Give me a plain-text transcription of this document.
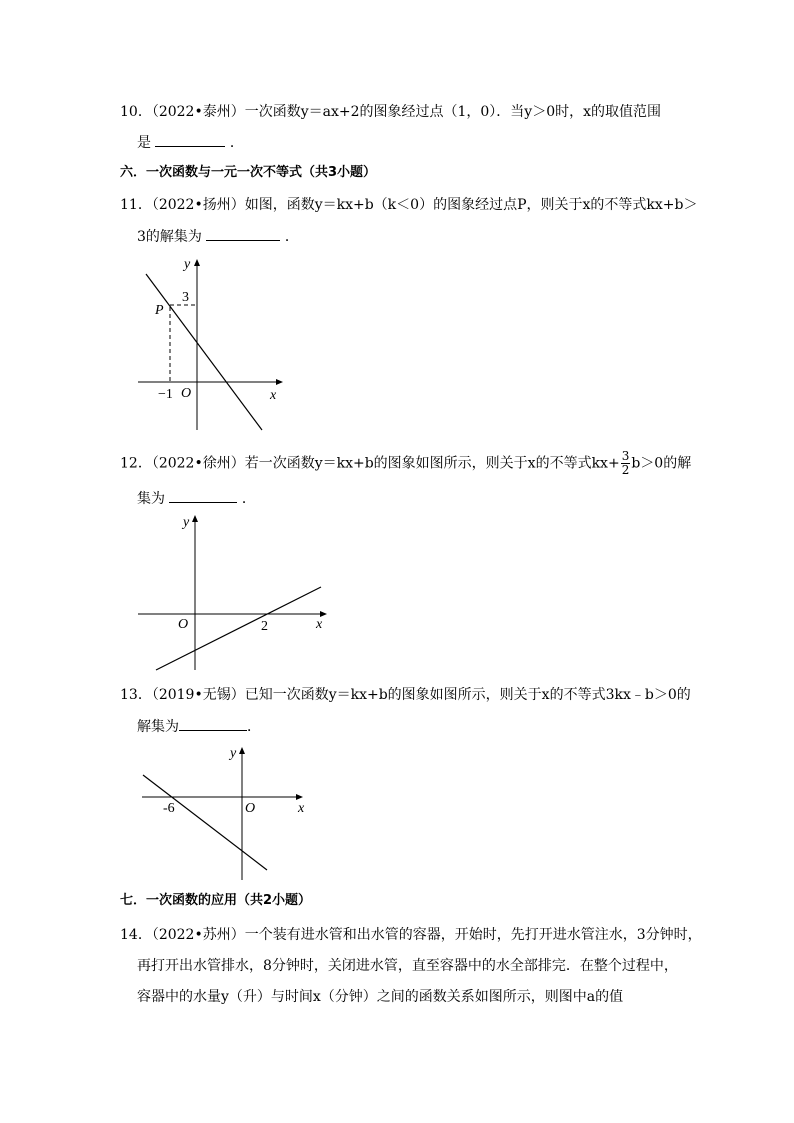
10．（2022•泰州）一次函数y＝ax+2的图象经过点（1，0）．当y＞0时，x的取值范围
是	．
六．一次函数与一元一次不等式（共3小题）
11．（2022•扬州）如图，函数y＝kx+b（k＜0）的图象经过点P，则关于x的不等式kx+b＞
3的解集为	．
y
x
O
P
3
−1
12．（2022•徐州）若一次函数y＝kx+b的图象如图所示，则关于x的不等式$kx+ \frac{3}{2} b>0$的解
集为	．
y
x
O	2
13．（2019•无锡）已知一次函数y＝kx+b的图象如图所示，则关于x的不等式3kx﹣b＞0的
解集为	．
y
x
O
-6
七．一次函数的应用（共2小题）
14．（2022•苏州）一个装有进水管和出水管的容器，开始时，先打开进水管注水，3分钟时，
再打开出水管排水，8分钟时，关闭进水管，直至容器中的水全部排完．在整个过程中，
容器中的水量y（升）与时间x（分钟）之间的函数关系如图所示，则图中a的值
